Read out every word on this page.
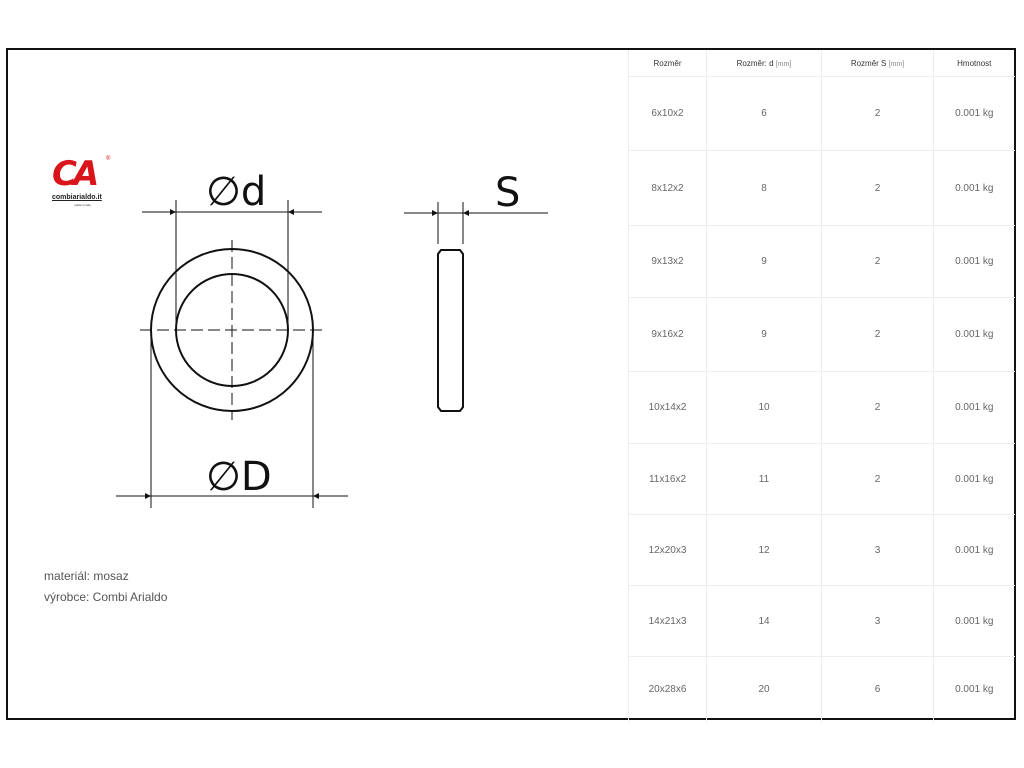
∅d
∅D
S
CA ®
combiarialdo.it
made in italy
materiál: mosaz
výrobce: Combi Arialdo
Rozměr	Rozměr: d [mm]	Rozměr S [mm]	Hmotnost
6x10x2	6	2	0.001 kg
8x12x2	8	2	0.001 kg
9x13x2	9	2	0.001 kg
9x16x2	9	2	0.001 kg
10x14x2	10	2	0.001 kg
11x16x2	11	2	0.001 kg
12x20x3	12	3	0.001 kg
14x21x3	14	3	0.001 kg
20x28x6	20	6	0.001 kg
